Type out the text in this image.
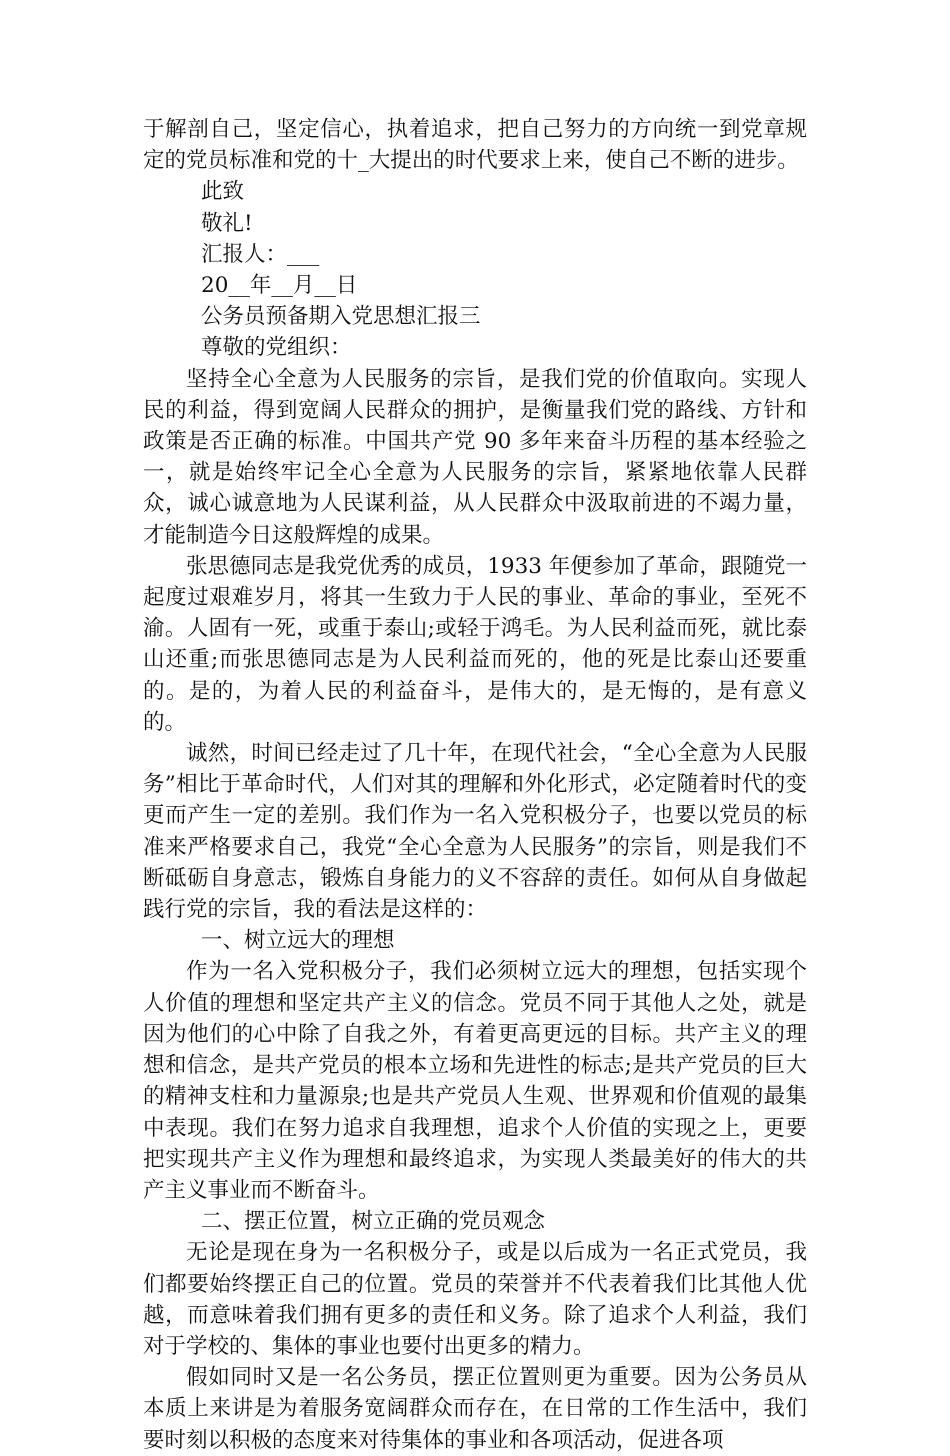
于解剖自己，坚定信心，执着追求，把自己努力的方向统一到党章规定的党员标准和党的十_大提出的时代要求上来，使自己不断的进步。

此致

敬礼!

汇报人：___

20__年__月__日

公务员预备期入党思想汇报三

尊敬的党组织：

坚持全心全意为人民服务的宗旨，是我们党的价值取向。实现人民的利益，得到宽阔人民群众的拥护，是衡量我们党的路线、方针和政策是否正确的标准。中国共产党 90 多年来奋斗历程的基本经验之一，就是始终牢记全心全意为人民服务的宗旨，紧紧地依靠人民群众，诚心诚意地为人民谋利益，从人民群众中汲取前进的不竭力量，才能制造今日这般辉煌的成果。

张思德同志是我党优秀的成员，1933 年便参加了革命，跟随党一起度过艰难岁月，将其一生致力于人民的事业、革命的事业，至死不渝。人固有一死，或重于泰山;或轻于鸿毛。为人民利益而死，就比泰山还重;而张思德同志是为人民利益而死的，他的死是比泰山还要重的。是的，为着人民的利益奋斗，是伟大的，是无悔的，是有意义的。

诚然，时间已经走过了几十年，在现代社会，“全心全意为人民服务”相比于革命时代，人们对其的理解和外化形式，必定随着时代的变更而产生一定的差别。我们作为一名入党积极分子，也要以党员的标准来严格要求自己，我党“全心全意为人民服务”的宗旨，则是我们不断砥砺自身意志，锻炼自身能力的义不容辞的责任。如何从自身做起践行党的宗旨，我的看法是这样的：

一、树立远大的理想

作为一名入党积极分子，我们必须树立远大的理想，包括实现个人价值的理想和坚定共产主义的信念。党员不同于其他人之处，就是因为他们的心中除了自我之外，有着更高更远的目标。共产主义的理想和信念，是共产党员的根本立场和先进性的标志;是共产党员的巨大的精神支柱和力量源泉;也是共产党员人生观、世界观和价值观的最集中表现。我们在努力追求自我理想，追求个人价值的实现之上，更要把实现共产主义作为理想和最终追求，为实现人类最美好的伟大的共产主义事业而不断奋斗。

二、摆正位置，树立正确的党员观念

无论是现在身为一名积极分子，或是以后成为一名正式党员，我们都要始终摆正自己的位置。党员的荣誉并不代表着我们比其他人优越，而意味着我们拥有更多的责任和义务。除了追求个人利益，我们对于学校的、集体的事业也要付出更多的精力。

假如同时又是一名公务员，摆正位置则更为重要。因为公务员从本质上来讲是为着服务宽阔群众而存在，在日常的工作生活中，我们要时刻以积极的态度来对待集体的事业和各项活动，促进各项
